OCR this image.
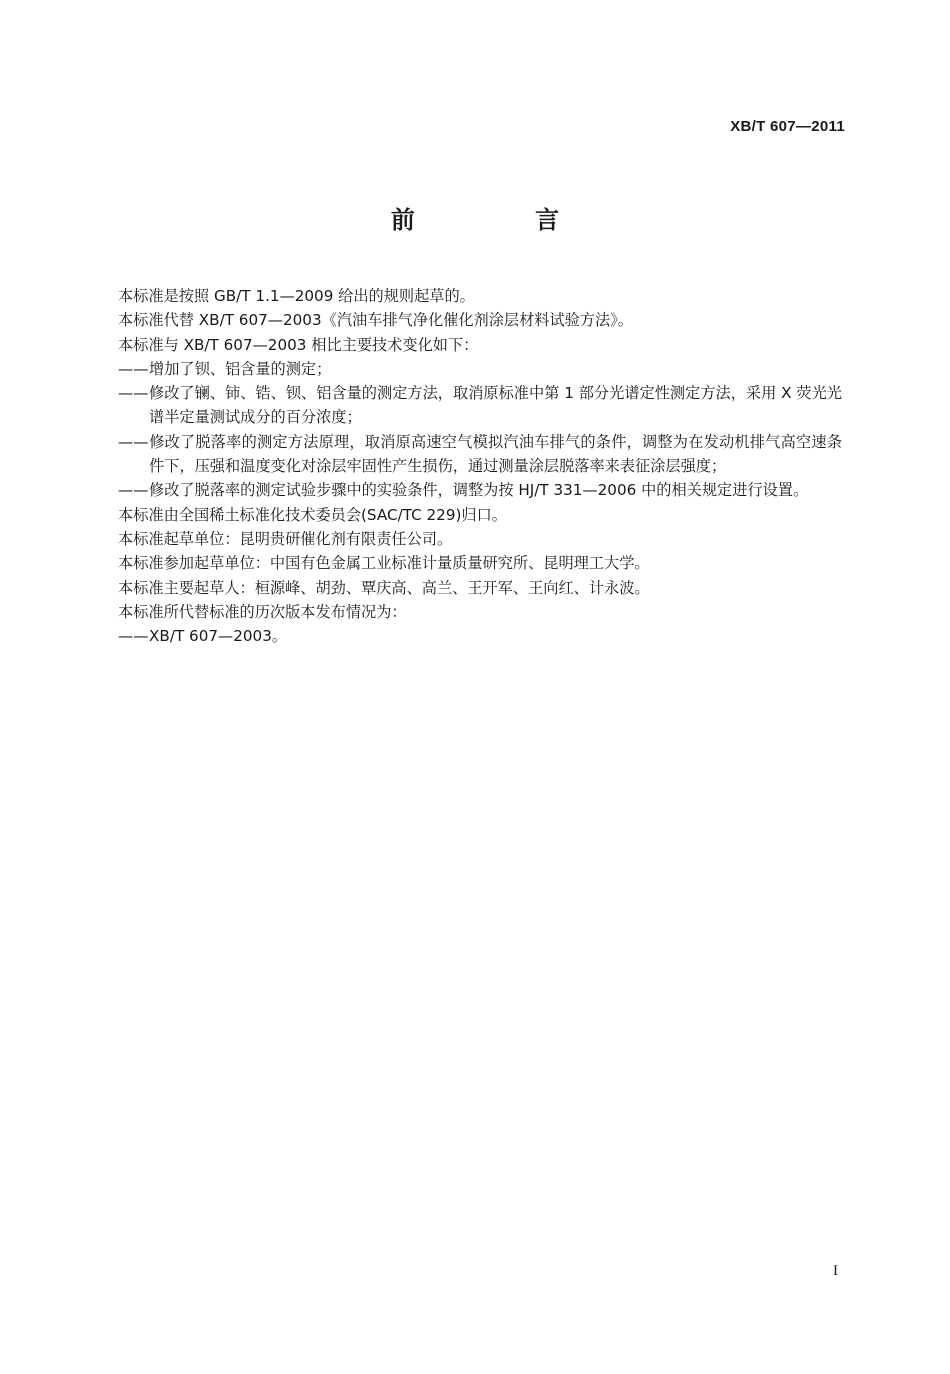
XB/T 607—2011
前 言

本标准是按照 GB/T 1.1—2009 给出的规则起草的。

本标准代替 XB/T 607—2003《汽油车排气净化催化剂涂层材料试验方法》。

本标准与 XB/T 607—2003 相比主要技术变化如下：

——增加了钡、铝含量的测定；

——修改了镧、铈、锆、钡、铝含量的测定方法，取消原标准中第 1 部分光谱定性测定方法，采用 X 荧光光谱半定量测试成分的百分浓度；

——修改了脱落率的测定方法原理，取消原高速空气模拟汽油车排气的条件，调整为在发动机排气高空速条件下，压强和温度变化对涂层牢固性产生损伤，通过测量涂层脱落率来表征涂层强度；

——修改了脱落率的测定试验步骤中的实验条件，调整为按 HJ/T 331—2006 中的相关规定进行设置。

本标准由全国稀土标准化技术委员会(SAC/TC 229)归口。

本标准起草单位：昆明贵研催化剂有限责任公司。

本标准参加起草单位：中国有色金属工业标准计量质量研究所、昆明理工大学。

本标准主要起草人：桓源峰、胡劲、覃庆高、高兰、王开军、王向红、计永波。

本标准所代替标准的历次版本发布情况为：

——XB/T 607—2003。

I
